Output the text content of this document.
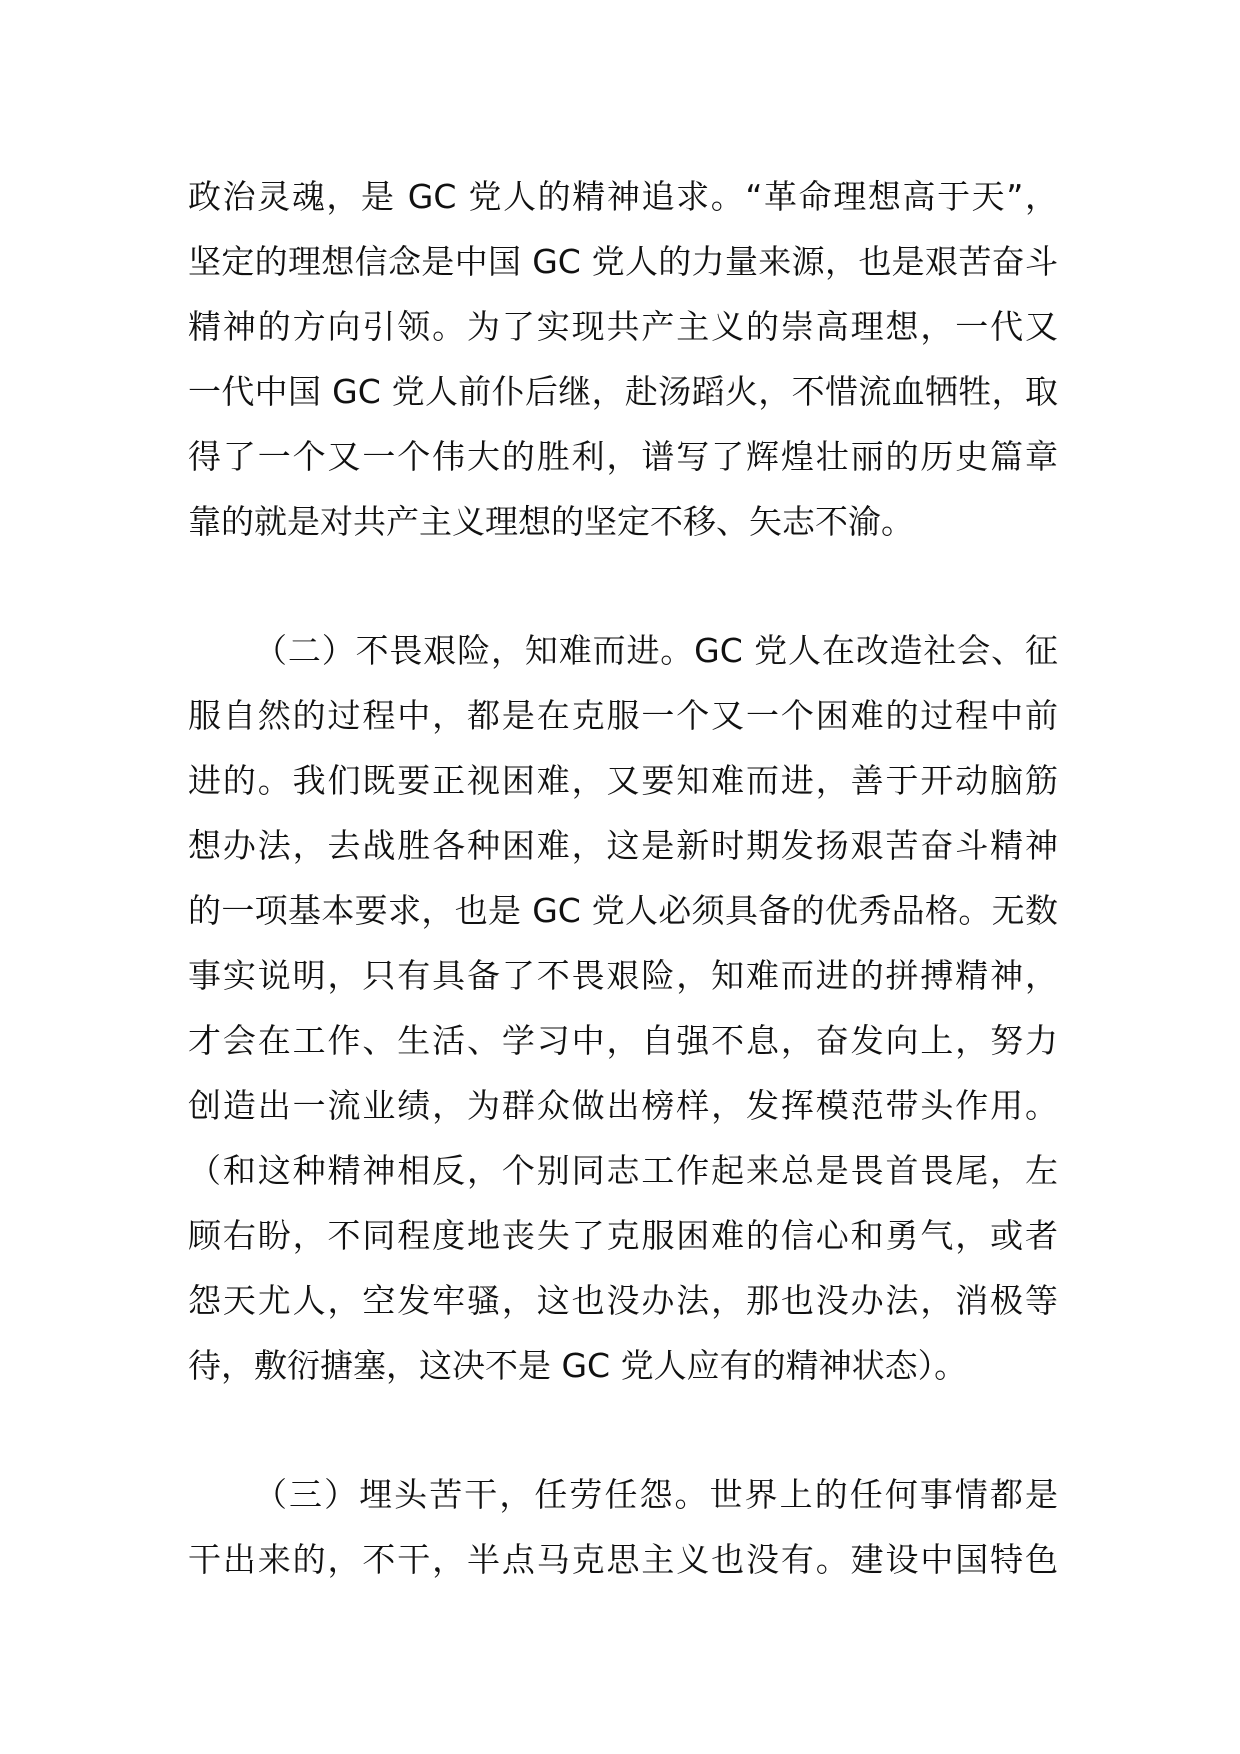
政治灵魂，是 GC 党人的精神追求。“革命理想高于天”，
坚定的理想信念是中国 GC 党人的力量来源，也是艰苦奋斗
精神的方向引领。为了实现共产主义的崇高理想，一代又
一代中国 GC 党人前仆后继，赴汤蹈火，不惜流血牺牲，取
得了一个又一个伟大的胜利，谱写了辉煌壮丽的历史篇章
靠的就是对共产主义理想的坚定不移、矢志不渝。
（二）不畏艰险，知难而进。GC 党人在改造社会、征
服自然的过程中，都是在克服一个又一个困难的过程中前
进的。我们既要正视困难，又要知难而进，善于开动脑筋
想办法，去战胜各种困难，这是新时期发扬艰苦奋斗精神
的一项基本要求，也是 GC 党人必须具备的优秀品格。无数
事实说明，只有具备了不畏艰险，知难而进的拼搏精神，
才会在工作、生活、学习中，自强不息，奋发向上，努力
创造出一流业绩，为群众做出榜样，发挥模范带头作用。
（和这种精神相反，个别同志工作起来总是畏首畏尾，左
顾右盼，不同程度地丧失了克服困难的信心和勇气，或者
怨天尤人，空发牢骚，这也没办法，那也没办法，消极等
待，敷衍搪塞，这决不是 GC 党人应有的精神状态）。
（三）埋头苦干，任劳任怨。世界上的任何事情都是
干出来的，不干，半点马克思主义也没有。建设中国特色
